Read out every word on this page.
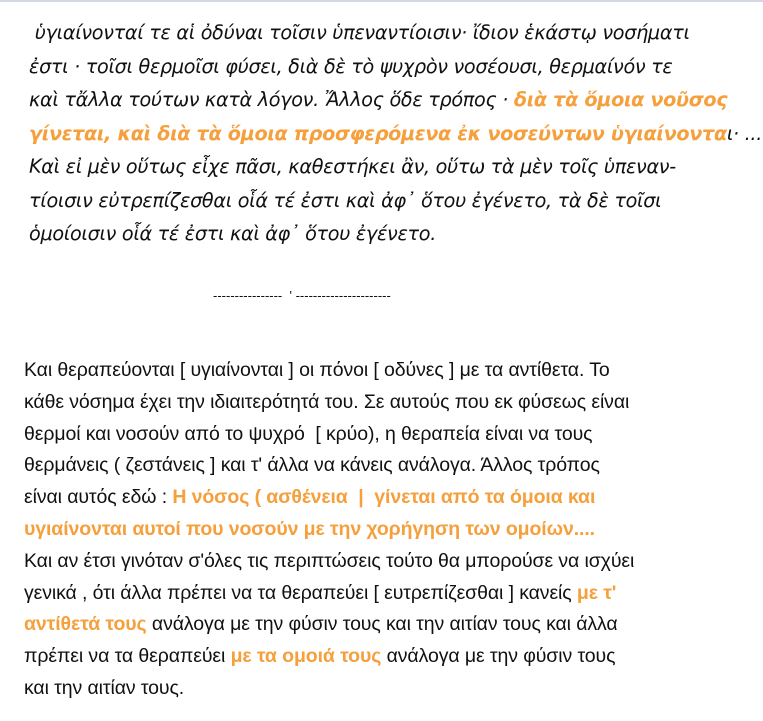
ὑγιαίνονταί τε αἱ ὀδύναι τοῖσιν ὑπεναντίοισιν· ἴδιον ἑκάστῳ νοσήματι
ἐστι · τοῖσι θερμοῖσι φύσει, διὰ δὲ τὸ ψυχρὸν νοσέουσι, θερμαίνόν τε
καὶ τἄλλα τούτων κατὰ λόγον. Ἄλλος ὅδε τρόπος · διὰ τὰ ὅμοια νοῦσος
γίνεται, καὶ διὰ τὰ ὅμοια προσφερόμενα ἐκ νοσεύντων ὑγιαίνονται· ...
Καὶ εἰ μὲν οὕτως εἶχε πᾶσι, καθεστήκει ἂν, οὕτω τὰ μὲν τοῖς ὑπεναν-
τίοισιν εὐτρεπίζεσθαι οἷά τέ ἐστι καὶ ἀφ᾽ ὅτου ἐγένετο, τὰ δὲ τοῖσι
ὁμοίοισιν οἷά τέ ἐστι καὶ ἀφ᾽ ὅτου ἐγένετο.
----------------  ' ----------------------
Και θεραπεύονται [ υγιαίνονται ] οι πόνοι [ οδύνες ] με τα αντίθετα. Το
κάθε νόσημα έχει την ιδιαιτερότητά του. Σε αυτούς που εκ φύσεως είναι
θερμοί και νοσούν από το ψυχρό  [ κρύο), η θεραπεία είναι να τους
θερμάνεις ( ζεστάνεις ] και τ' άλλα να κάνεις ανάλογα. Άλλος τρόπος
είναι αυτός εδώ : Η νόσος ( ασθένεια  |  γίνεται από τα όμοια και
υγιαίνονται αυτοί που νοσούν με την χορήγηση των ομοίων....
Και αν έτσι γινόταν σ'όλες τις περιπτώσεις τούτο θα μπορούσε να ισχύει
γενικά , ότι άλλα πρέπει να τα θεραπεύει [ ευτρεπίζεσθαι ] κανείς με τ'
αντίθετά τους ανάλογα με την φύσιν τους και την αιτίαν τους και άλλα
πρέπει να τα θεραπεύει με τα ομοιά τους ανάλογα με την φύσιν τους
και την αιτίαν τους.
